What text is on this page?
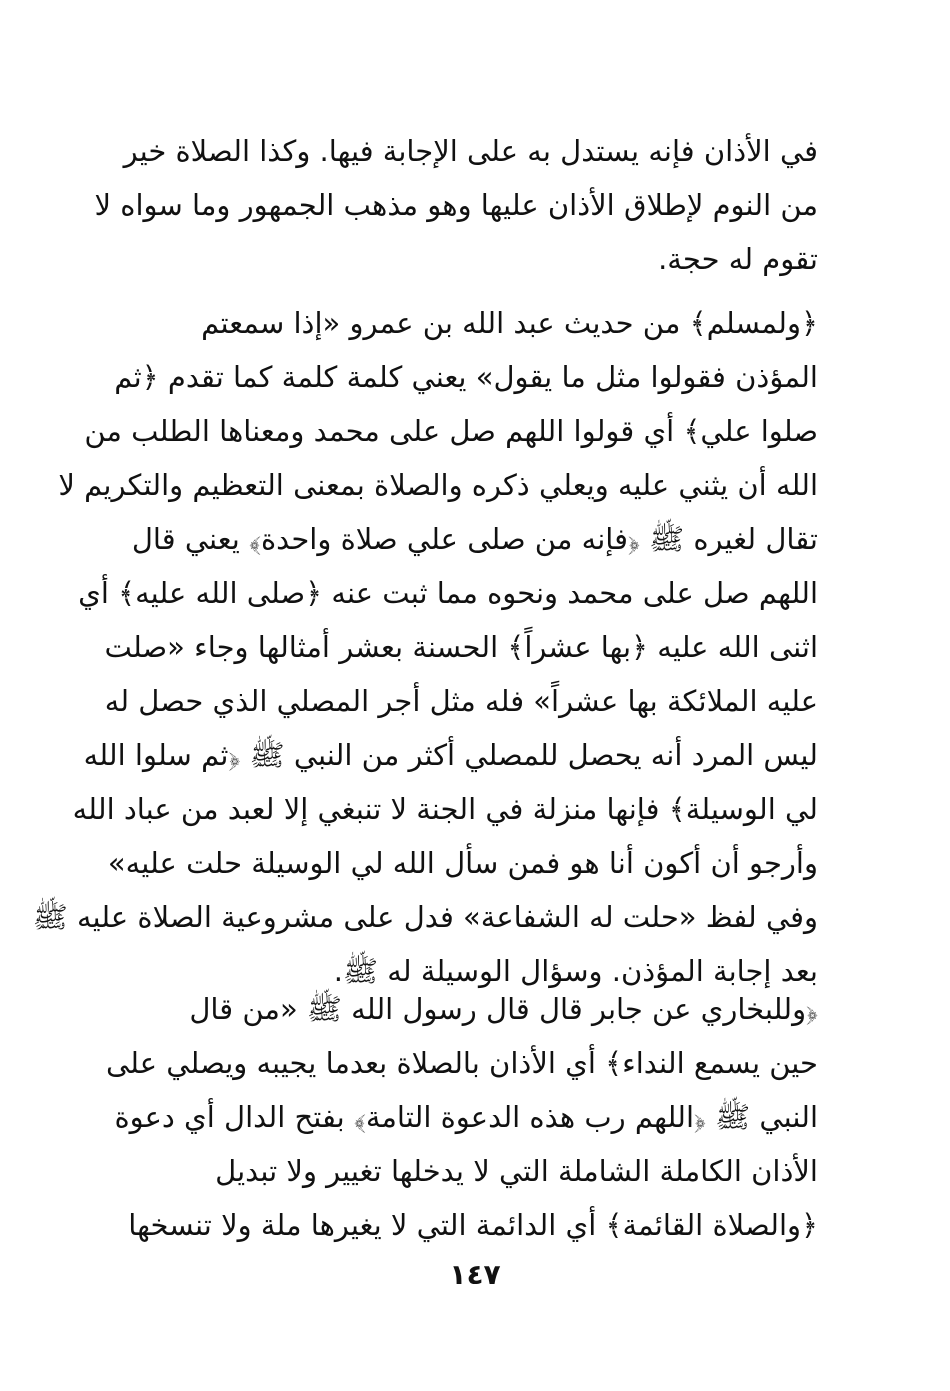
في الأذان فإنه يستدل به على الإجابة فيها. وكذا الصلاة خير
من النوم لإطلاق الأذان عليها وهو مذهب الجمهور وما سواه لا
تقوم له حجة.
﴿ولمسلم﴾ من حديث عبد الله بن عمرو «إذا سمعتم
المؤذن فقولوا مثل ما يقول» يعني كلمة كلمة كما تقدم ﴿ثم
صلوا علي﴾ أي قولوا اللهم صل على محمد ومعناها الطلب من
الله أن يثني عليه ويعلي ذكره والصلاة بمعنى التعظيم والتكريم لا
تقال لغيره ﷺ ﴿فإنه من صلى علي صلاة واحدة﴾ يعني قال
اللهم صل على محمد ونحوه مما ثبت عنه ﴿صلى الله عليه﴾ أي
اثنى الله عليه ﴿بها عشراً﴾ الحسنة بعشر أمثالها وجاء «صلت
عليه الملائكة بها عشراً» فله مثل أجر المصلي الذي حصل له
ليس المرد أنه يحصل للمصلي أكثر من النبي ﷺ ﴿ثم سلوا الله
لي الوسيلة﴾ فإنها منزلة في الجنة لا تنبغي إلا لعبد من عباد الله
وأرجو أن أكون أنا هو فمن سأل الله لي الوسيلة حلت عليه»
وفي لفظ «حلت له الشفاعة» فدل على مشروعية الصلاة عليه ﷺ
بعد إجابة المؤذن. وسؤال الوسيلة له ﷺ.
﴿وللبخاري عن جابر قال قال رسول الله ﷺ «من قال
حين يسمع النداء﴾ أي الأذان بالصلاة بعدما يجيبه ويصلي على
النبي ﷺ ﴿اللهم رب هذه الدعوة التامة﴾ بفتح الدال أي دعوة
الأذان الكاملة الشاملة التي لا يدخلها تغيير ولا تبديل
﴿والصلاة القائمة﴾ أي الدائمة التي لا يغيرها ملة ولا تنسخها
١٤٧
